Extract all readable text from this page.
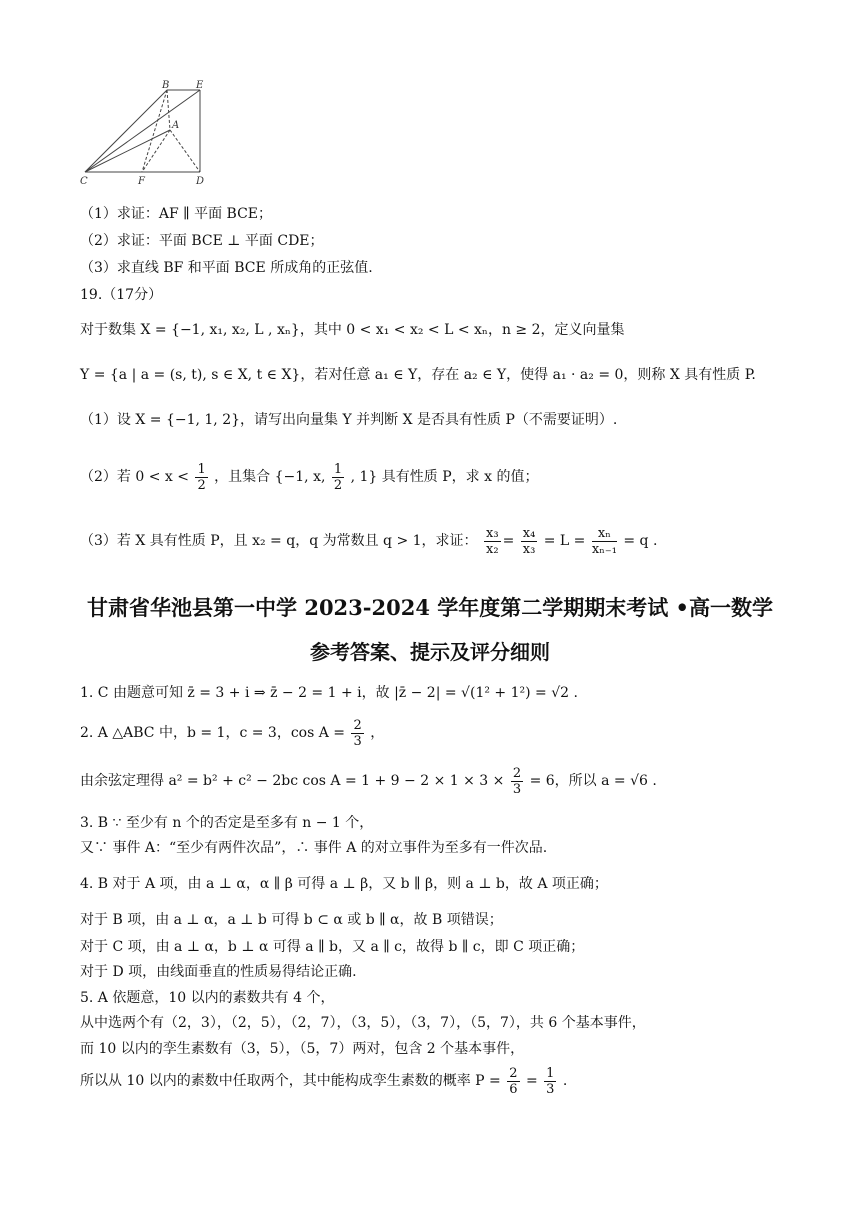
B	E
A
C	F	D
（1）求证：AF ∥ 平面 BCE；
（2）求证：平面 BCE ⊥ 平面 CDE；
（3）求直线 BF 和平面 BCE 所成角的正弦值.
19.（17分）
对于数集 X = {−1, x₁, x₂, L , xₙ}，其中 0 < x₁ < x₂ < L < xₙ，n ≥ 2，定义向量集
Y = {a | a = (s, t), s ∈ X, t ∈ X}，若对任意 a₁ ∈ Y，存在 a₂ ∈ Y，使得 a₁ · a₂ = 0，则称 X 具有性质 P.
（1）设 X = {−1, 1, 2}，请写出向量集 Y 并判断 X 是否具有性质 P（不需要证明）.
（2）若 $0 < x < \frac{1}{2}$ ，且集合 {−1, x, $\frac{1}{2}$ , 1} 具有性质 P，求 x 的值；
（3）若 X 具有性质 P，且 x₂ = q，q 为常数且 q > 1，求证： $\frac{\text{x₃}}{\text{x₂}} = \frac{\text{x₄}}{\text{x₃}} = L = \frac{\text{xₙ}}{\text{xₙ₋₁}} = q$ .
甘肃省华池县第一中学 2023-2024 学年度第二学期期末考试 •高一数学
参考答案、提示及评分细则
1. C 由题意可知 z̄ = 3 + i ⇒ z̄ − 2 = 1 + i，故 |z̄ − 2| = √(1² + 1²) = √2 .
2. A △ABC 中，b = 1，c = 3，$\cos A = \frac{2}{3}$ ，
由余弦定理得 a² = b² + c² − 2bc $\cos A = 1 + 9 - 2 \times 1 \times 3 \times \frac{2}{3} = 6$，所以 a = √6 .
3. B ∵ 至少有 n 个的否定是至多有 n − 1 个，
又∵ 事件 A：“至少有两件次品”，∴ 事件 A 的对立事件为至多有一件次品.
4. B 对于 A 项，由 a ⊥ α，α ∥ β 可得 a ⊥ β，又 b ∥ β，则 a ⊥ b，故 A 项正确；
对于 B 项，由 a ⊥ α，a ⊥ b 可得 b ⊂ α 或 b ∥ α，故 B 项错误；
对于 C 项，由 a ⊥ α，b ⊥ α 可得 a ∥ b，又 a ∥ c，故得 b ∥ c，即 C 项正确；
对于 D 项，由线面垂直的性质易得结论正确.
5. A 依题意，10 以内的素数共有 4 个，
从中选两个有（2，3），（2，5），（2，7），（3，5），（3，7），（5，7），共 6 个基本事件，
而 10 以内的孪生素数有（3，5），（5，7）两对，包含 2 个基本事件，
所以从 10 以内的素数中任取两个，其中能构成孪生素数的概率 $P = \frac{2}{6} = \frac{1}{3}$ .
